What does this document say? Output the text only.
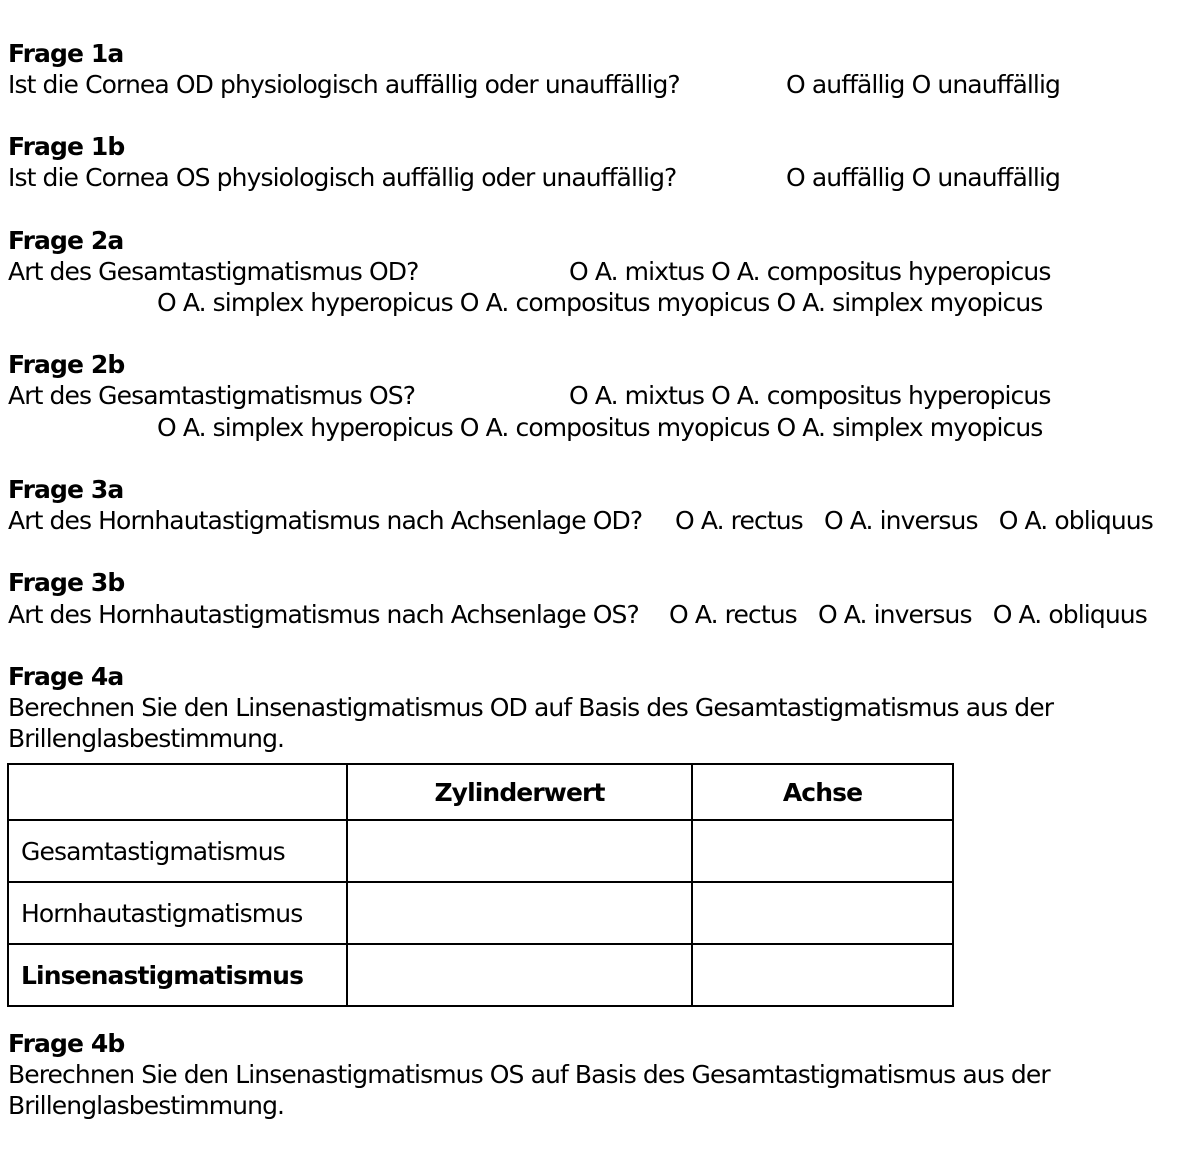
Frage 1a
Ist die Cornea OD physiologisch auffällig oder unauffällig?	O auffällig O unauffällig
Frage 1b
Ist die Cornea OS physiologisch auffällig oder unauffällig?	O auffällig O unauffällig
Frage 2a
Art des Gesamtastigmatismus OD?	O A. mixtus O A. compositus hyperopicus
O A. simplex hyperopicus O A. compositus myopicus O A. simplex myopicus
Frage 2b
Art des Gesamtastigmatismus OS?	O A. mixtus O A. compositus hyperopicus
O A. simplex hyperopicus O A. compositus myopicus O A. simplex myopicus
Frage 3a
Art des Hornhautastigmatismus nach Achsenlage OD? O A. rectus   O A. inversus   O A. obliquus
Frage 3b
Art des Hornhautastigmatismus nach Achsenlage OS? O A. rectus   O A. inversus   O A. obliquus
Frage 4a
Berechnen Sie den Linsenastigmatismus OD auf Basis des Gesamtastigmatismus aus der Brillenglasbestimmung.
	Zylinderwert	Achse
Gesamtastigmatismus		
Hornhautastigmatismus		
Linsenastigmatismus		
Frage 4b
Berechnen Sie den Linsenastigmatismus OS auf Basis des Gesamtastigmatismus aus der Brillenglasbestimmung.
